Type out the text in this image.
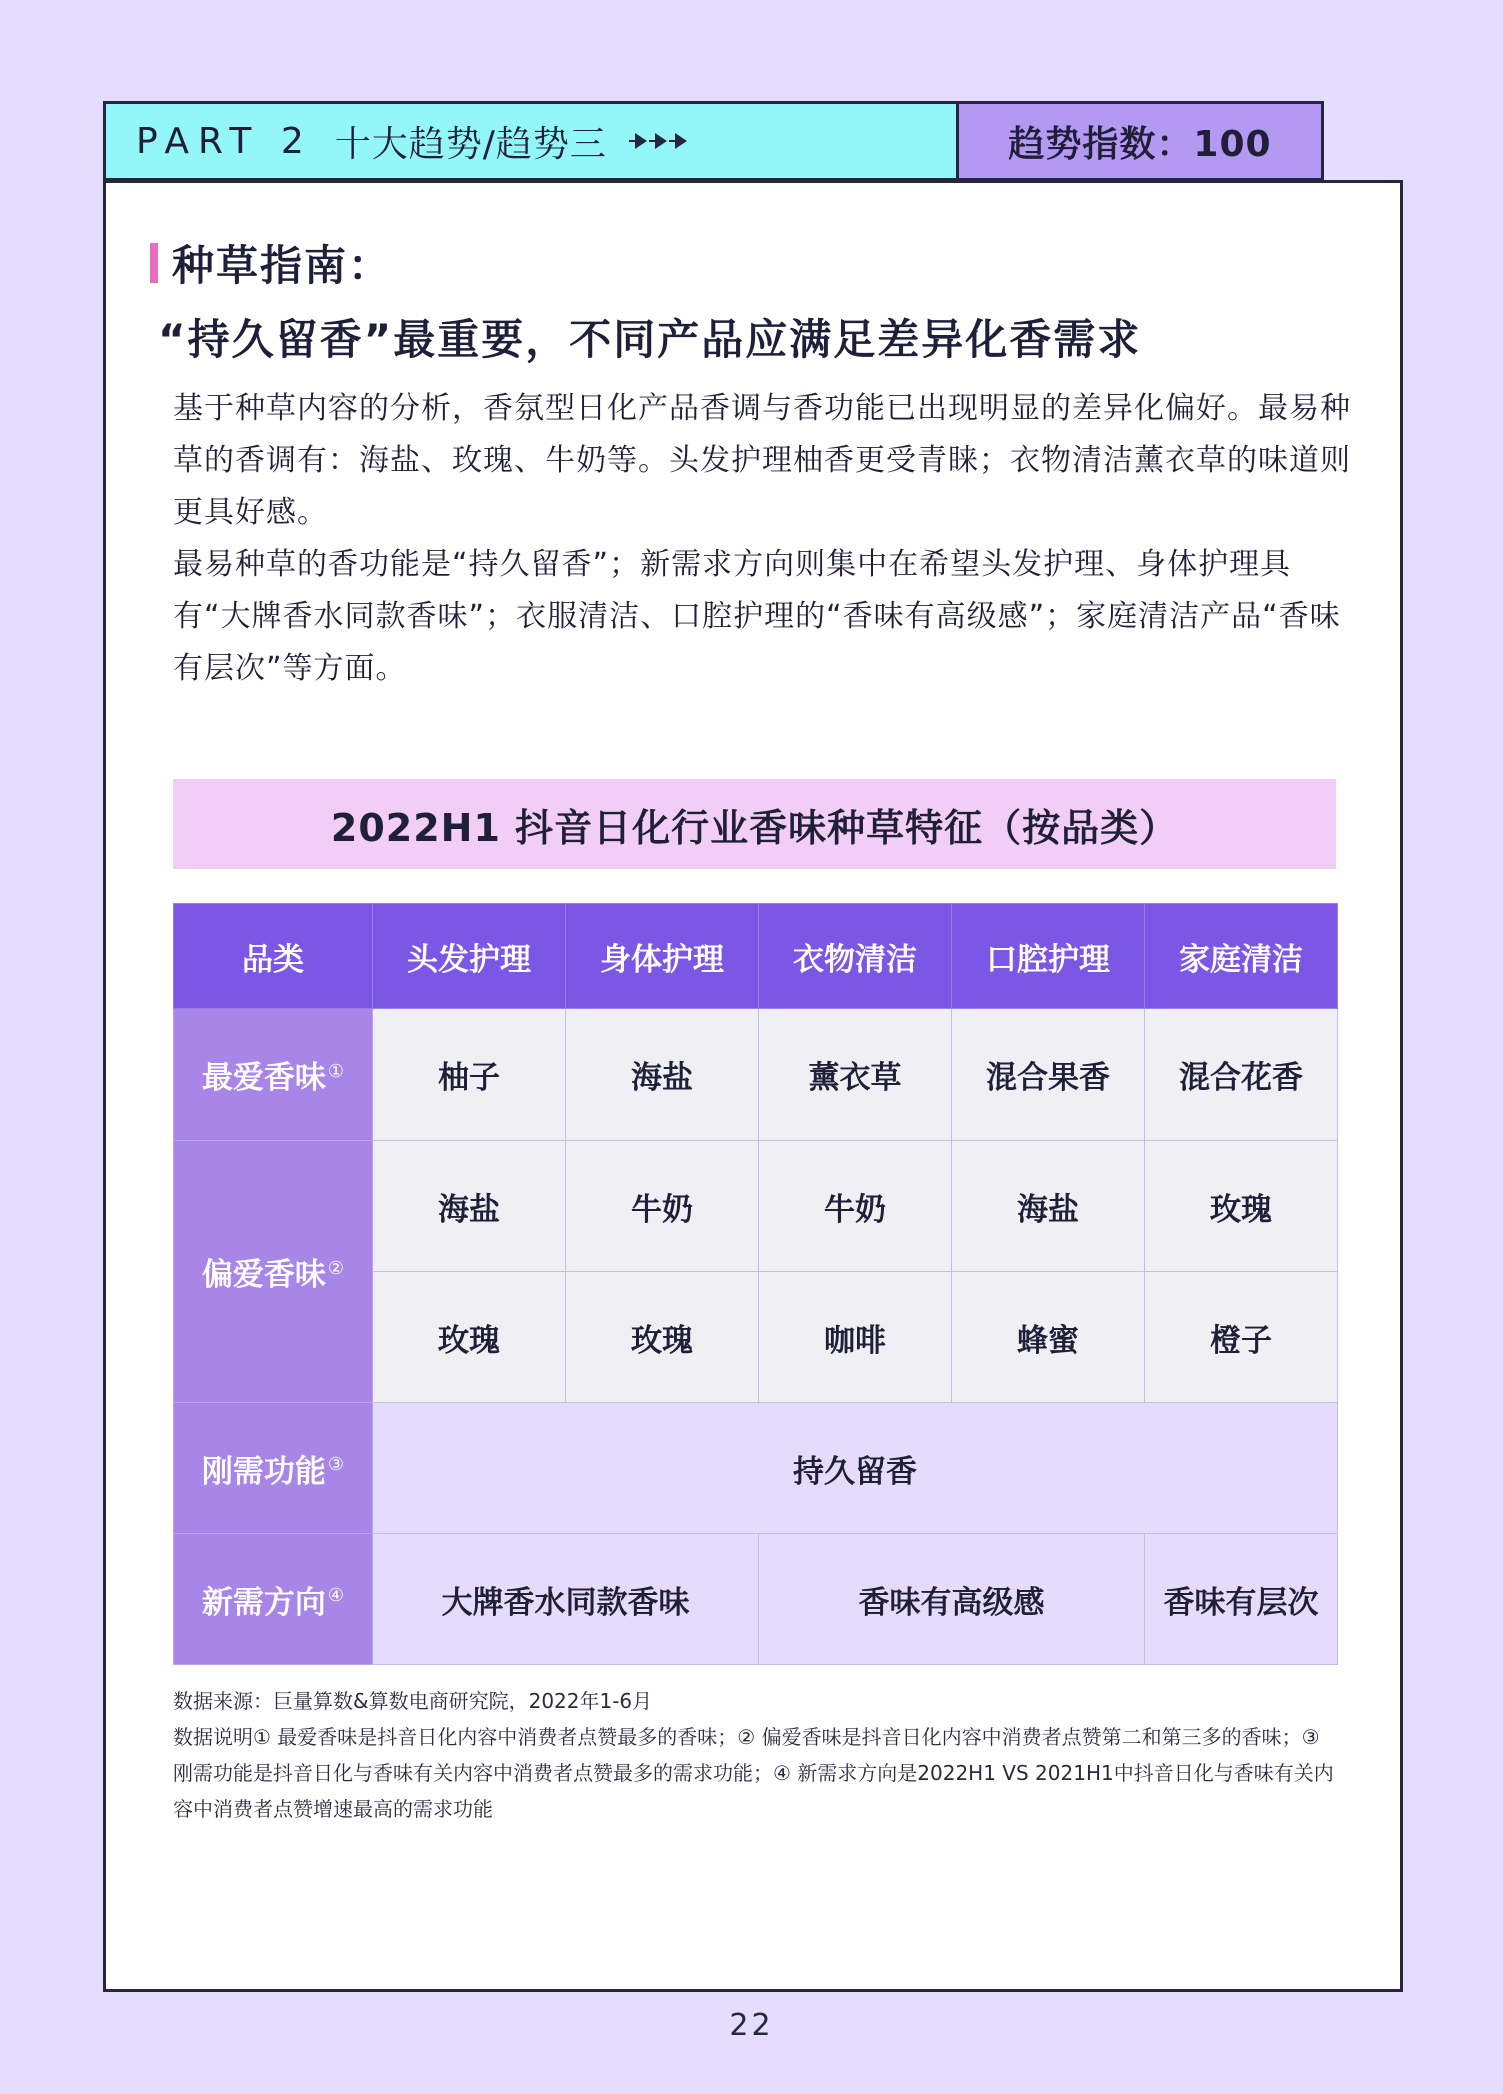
PART 2 十大趋势/趋势三	趋势指数：100
种草指南：
“持久留香”最重要，不同产品应满足差异化香需求

基于种草内容的分析，香氛型日化产品香调与香功能已出现明显的差异化偏好。最易种草的香调有：海盐、玫瑰、牛奶等。头发护理柚香更受青睐；衣物清洁薰衣草的味道则更具好感。

最易种草的香功能是“持久留香”；新需求方向则集中在希望头发护理、身体护理具有“大牌香水同款香味”；衣服清洁、口腔护理的“香味有高级感”；家庭清洁产品“香味有层次”等方面。

2022H1 抖音日化行业香味种草特征（按品类）
品类	头发护理	身体护理	衣物清洁	口腔护理	家庭清洁
最爱香味 ①	柚子	海盐	薰衣草	混合果香	混合花香
偏爱香味 ②	海盐	牛奶	牛奶	海盐	玫瑰
	玫瑰	玫瑰	咖啡	蜂蜜	橙子
刚需功能 ③	持久留香				
新需方向 ④	大牌香水同款香味		香味有高级感		香味有层次

数据来源：巨量算数&算数电商研究院，2022年1-6月

数据说明① 最爱香味是抖音日化内容中消费者点赞最多的香味；② 偏爱香味是抖音日化内容中消费者点赞第二和第三多的香味；③ 刚需功能是抖音日化与香味有关内容中消费者点赞最多的需求功能；④ 新需求方向是2022H1 VS 2021H1中抖音日化与香味有关内容中消费者点赞增速最高的需求功能

22
